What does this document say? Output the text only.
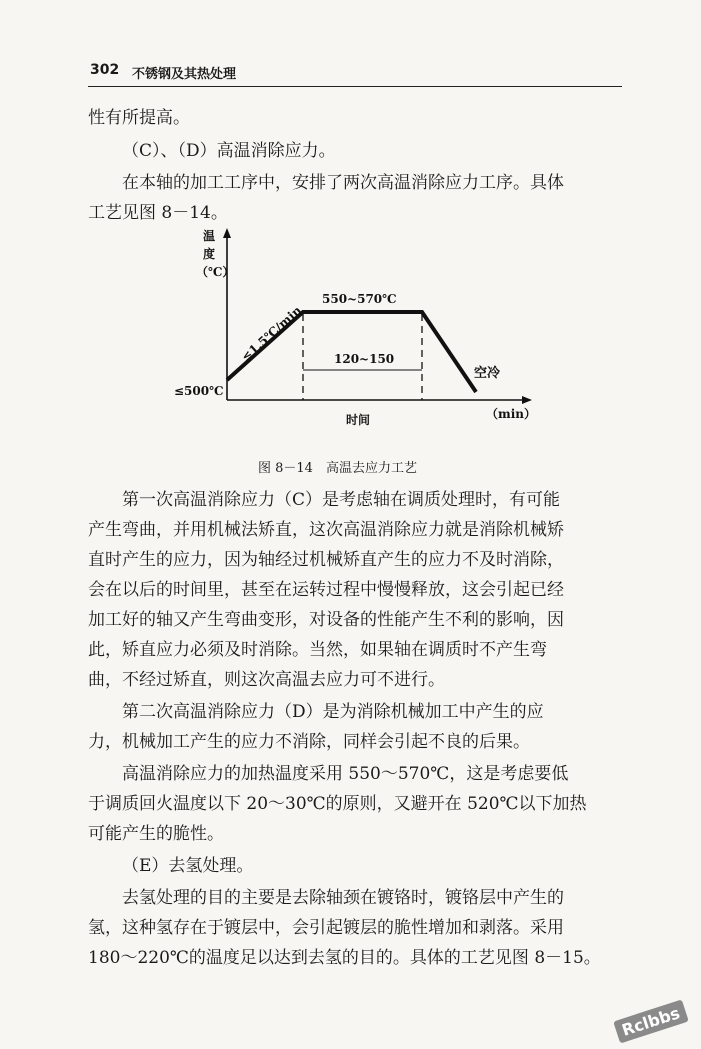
302 不锈钢及其热处理
性有所提高。
（C）、（D）高温消除应力。
在本轴的加工工序中，安排了两次高温消除应力工序。具体
工艺见图 8－14。
温
度
（℃）
≤500℃
≤1.5℃/min
550~570℃
120~150
空冷
时间	（min）
图 8－14　高温去应力工艺
第一次高温消除应力（C）是考虑轴在调质处理时，有可能
产生弯曲，并用机械法矫直，这次高温消除应力就是消除机械矫
直时产生的应力，因为轴经过机械矫直产生的应力不及时消除，
会在以后的时间里，甚至在运转过程中慢慢释放，这会引起已经
加工好的轴又产生弯曲变形，对设备的性能产生不利的影响，因
此，矫直应力必须及时消除。当然，如果轴在调质时不产生弯
曲，不经过矫直，则这次高温去应力可不进行。
第二次高温消除应力（D）是为消除机械加工中产生的应
力，机械加工产生的应力不消除，同样会引起不良的后果。
高温消除应力的加热温度采用 550～570℃，这是考虑要低
于调质回火温度以下 20～30℃的原则，又避开在 520℃以下加热
可能产生的脆性。
（E）去氢处理。
去氢处理的目的主要是去除轴颈在镀铬时，镀铬层中产生的
氢，这种氢存在于镀层中，会引起镀层的脆性增加和剥落。采用
180～220℃的温度足以达到去氢的目的。具体的工艺见图 8－15。
Rclbbs
